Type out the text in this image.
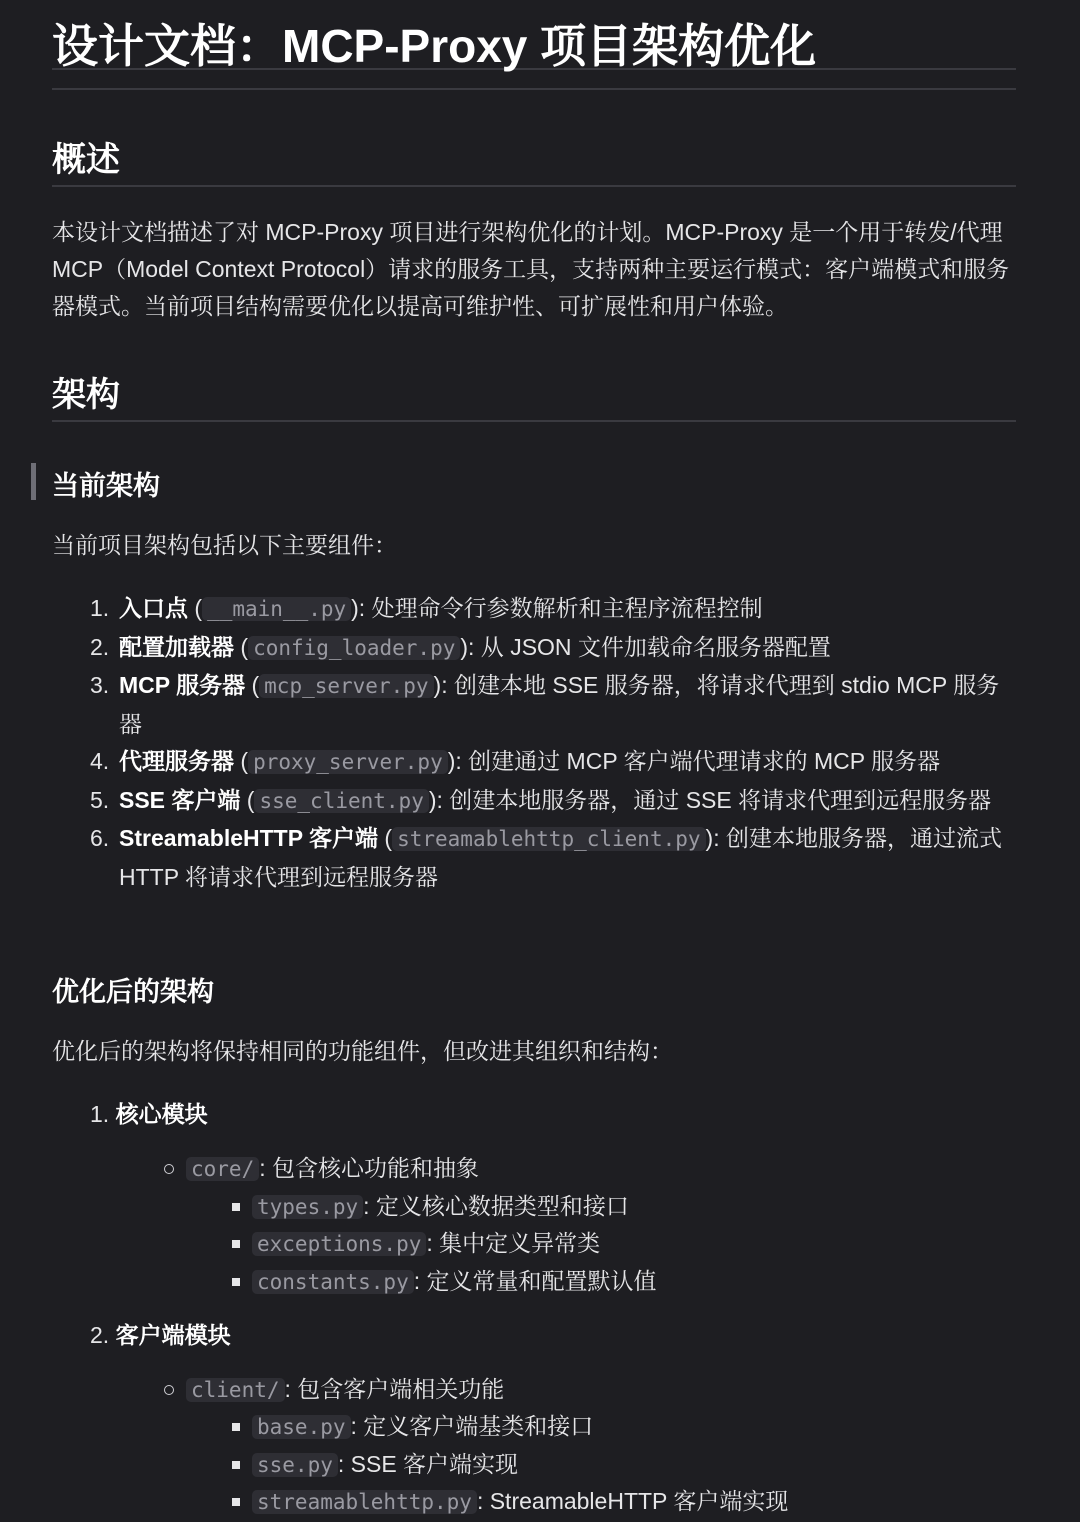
设计文档：MCP-Proxy 项目架构优化
概述

本设计文档描述了对 MCP-Proxy 项目进行架构优化的计划。MCP-Proxy 是一个用于转发/代理 MCP（Model Context Protocol）请求的服务工具，支持两种主要运行模式：客户端模式和服务器模式。当前项目结构需要优化以提高可维护性、可扩展性和用户体验。

架构
当前架构

当前项目架构包括以下主要组件：

1. 入口点 ( __main__.py ): 处理命令行参数解析和主程序流程控制
2. 配置加载器 ( config_loader.py ): 从 JSON 文件加载命名服务器配置
3. MCP 服务器 ( mcp_server.py ): 创建本地 SSE 服务器，将请求代理到 stdio MCP 服务器
4. 代理服务器 ( proxy_server.py ): 创建通过 MCP 客户端代理请求的 MCP 服务器
5. SSE 客户端 ( sse_client.py ): 创建本地服务器，通过 SSE 将请求代理到远程服务器
6. StreamableHTTP 客户端 ( streamablehttp_client.py ): 创建本地服务器，通过流式 HTTP 将请求代理到远程服务器
优化后的架构

优化后的架构将保持相同的功能组件，但改进其组织和结构：

1. 核心模块
core/ : 包含核心功能和抽象
types.py : 定义核心数据类型和接口
exceptions.py : 集中定义异常类
constants.py : 定义常量和配置默认值
2. 客户端模块
client/ : 包含客户端相关功能
base.py : 定义客户端基类和接口
sse.py : SSE 客户端实现
streamablehttp.py : StreamableHTTP 客户端实现
